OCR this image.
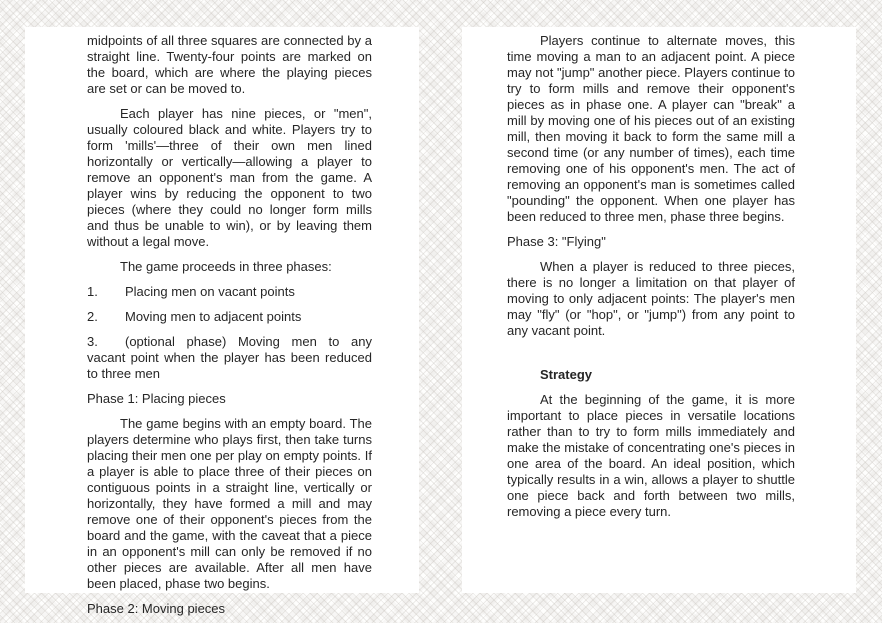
midpoints of all three squares are connected by a straight line. Twenty-four points are marked on the board, which are where the playing pieces are set or can be moved to.

Each player has nine pieces, or "men", usually coloured black and white. Players try to form 'mills'—three of their own men lined horizontally or vertically—allowing a player to remove an opponent's man from the game. A player wins by reducing the opponent to two pieces (where they could no longer form mills and thus be unable to win), or by leaving them without a legal move.

The game proceeds in three phases:

1. Placing men on vacant points

2. Moving men to adjacent points

3. (optional phase) Moving men to any vacant point when the player has been reduced to three men

Phase 1: Placing pieces

The game begins with an empty board. The players determine who plays first, then take turns placing their men one per play on empty points. If a player is able to place three of their pieces on contiguous points in a straight line, vertically or horizontally, they have formed a mill and may remove one of their opponent's pieces from the board and the game, with the caveat that a piece in an opponent's mill can only be removed if no other pieces are available. After all men have been placed, phase two begins.

Phase 2: Moving pieces

Players continue to alternate moves, this time moving a man to an adjacent point. A piece may not "jump" another piece. Players continue to try to form mills and remove their opponent's pieces as in phase one. A player can "break" a mill by moving one of his pieces out of an existing mill, then moving it back to form the same mill a second time (or any number of times), each time removing one of his opponent's men. The act of removing an opponent's man is sometimes called "pounding" the opponent. When one player has been reduced to three men, phase three begins.

Phase 3: "Flying"

When a player is reduced to three pieces, there is no longer a limitation on that player of moving to only adjacent points: The player's men may "fly" (or "hop", or "jump") from any point to any vacant point.

Strategy

At the beginning of the game, it is more important to place pieces in versatile locations rather than to try to form mills immediately and make the mistake of concentrating one's pieces in one area of the board. An ideal position, which typically results in a win, allows a player to shuttle one piece back and forth between two mills, removing a piece every turn.
